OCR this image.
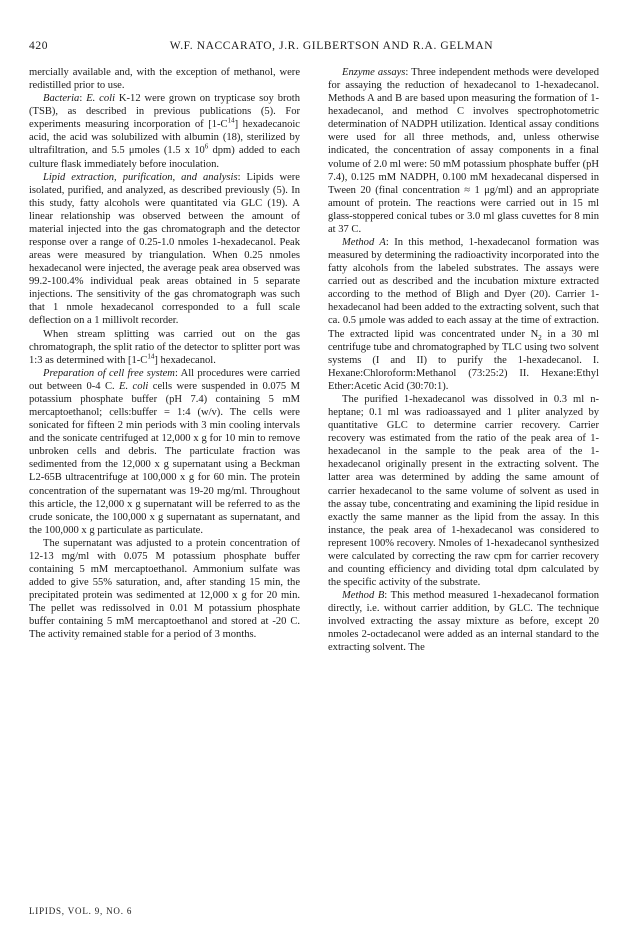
420	W.F. NACCARATO, J.R. GILBERTSON AND R.A. GELMAN

mercially available and, with the exception of methanol, were redistilled prior to use.

Bacteria: E. coli K-12 were grown on trypticase soy broth (TSB), as described in previous publications (5). For experiments measuring incorporation of $[1-C^{14}]$ hexadecanoic acid, the acid was solubilized with albumin (18), sterilized by ultrafiltration, and 5.5 μmoles (1.5 x $10^6$ dpm) added to each culture flask immediately before inoculation.

Lipid extraction, purification, and analysis: Lipids were isolated, purified, and analyzed, as described previously (5). In this study, fatty alcohols were quantitated via GLC (19). A linear relationship was observed between the amount of material injected into the gas chromatograph and the detector response over a range of 0.25-1.0 nmoles 1-hexadecanol. Peak areas were measured by triangulation. When 0.25 nmoles hexadecanol were injected, the average peak area observed was 99.2-100.4% individual peak areas obtained in 5 separate injections. The sensitivity of the gas chromatograph was such that 1 nmole hexadecanol corresponded to a full scale deflection on a 1 millivolt recorder.

When stream splitting was carried out on the gas chromatograph, the split ratio of the detector to splitter port was 1:3 as determined with $[1-C^{14}]$ hexadecanol.

Preparation of cell free system: All procedures were carried out between 0-4 C. E. coli cells were suspended in 0.075 M potassium phosphate buffer (pH 7.4) containing 5 mM mercaptoethanol; cells:buffer = 1:4 (w/v). The cells were sonicated for fifteen 2 min periods with 3 min cooling intervals and the sonicate centrifuged at 12,000 x g for 10 min to remove unbroken cells and debris. The particulate fraction was sedimented from the 12,000 x g supernatant using a Beckman L2-65B ultracentrifuge at 100,000 x g for 60 min. The protein concentration of the supernatant was 19-20 mg/ml. Throughout this article, the 12,000 x g supernatant will be referred to as the crude sonicate, the 100,000 x g supernatant as supernatant, and the 100,000 x g particulate as particulate.

The supernatant was adjusted to a protein concentration of 12-13 mg/ml with 0.075 M potassium phosphate buffer containing 5 mM mercaptoethanol. Ammonium sulfate was added to give 55% saturation, and, after standing 15 min, the precipitated protein was sedimented at 12,000 x g for 20 min. The pellet was redissolved in 0.01 M potassium phosphate buffer containing 5 mM mercaptoethanol and stored at -20 C. The activity remained stable for a period of 3 months.

Enzyme assays: Three independent methods were developed for assaying the reduction of hexadecanol to 1-hexadecanol. Methods A and B are based upon measuring the formation of 1-hexadecanol, and method C involves spectrophotometric determination of NADPH utilization. Identical assay conditions were used for all three methods, and, unless otherwise indicated, the concentration of assay components in a final volume of 2.0 ml were: 50 mM potassium phosphate buffer (pH 7.4), 0.125 mM NADPH, 0.100 mM hexadecanal dispersed in Tween 20 (final concentration ≈ 1 μg/ml) and an appropriate amount of protein. The reactions were carried out in 15 ml glass-stoppered conical tubes or 3.0 ml glass cuvettes for 8 min at 37 C.

Method A: In this method, 1-hexadecanol formation was measured by determining the radioactivity incorporated into the fatty alcohols from the labeled substrates. The assays were carried out as described and the incubation mixture extracted according to the method of Bligh and Dyer (20). Carrier 1-hexadecanol had been added to the extracting solvent, such that ca. 0.5 μmole was added to each assay at the time of extraction. The extracted lipid was concentrated under $N_2$ in a 30 ml centrifuge tube and chromatographed by TLC using two solvent systems (I and II) to purify the 1-hexadecanol. I. Hexane:Chloroform:Methanol (73:25:2) II. Hexane:Ethyl Ether:Acetic Acid (30:70:1).

The purified 1-hexadecanol was dissolved in 0.3 ml n-heptane; 0.1 ml was radioassayed and 1 μliter analyzed by quantitative GLC to determine carrier recovery. Carrier recovery was estimated from the ratio of the peak area of 1-hexadecanol in the sample to the peak area of the 1-hexadecanol originally present in the extracting solvent. The latter area was determined by adding the same amount of carrier hexadecanol to the same volume of solvent as used in the assay tube, concentrating and examining the lipid residue in exactly the same manner as the lipid from the assay. In this instance, the peak area of 1-hexadecanol was considered to represent 100% recovery. Nmoles of 1-hexadecanol synthesized were calculated by correcting the raw cpm for carrier recovery and counting efficiency and dividing total dpm calculated by the specific activity of the substrate.

Method B: This method measured 1-hexadecanol formation directly, i.e. without carrier addition, by GLC. The technique involved extracting the assay mixture as before, except 20 nmoles 2-octadecanol were added as an internal standard to the extracting solvent. The

LIPIDS, VOL. 9, NO. 6
